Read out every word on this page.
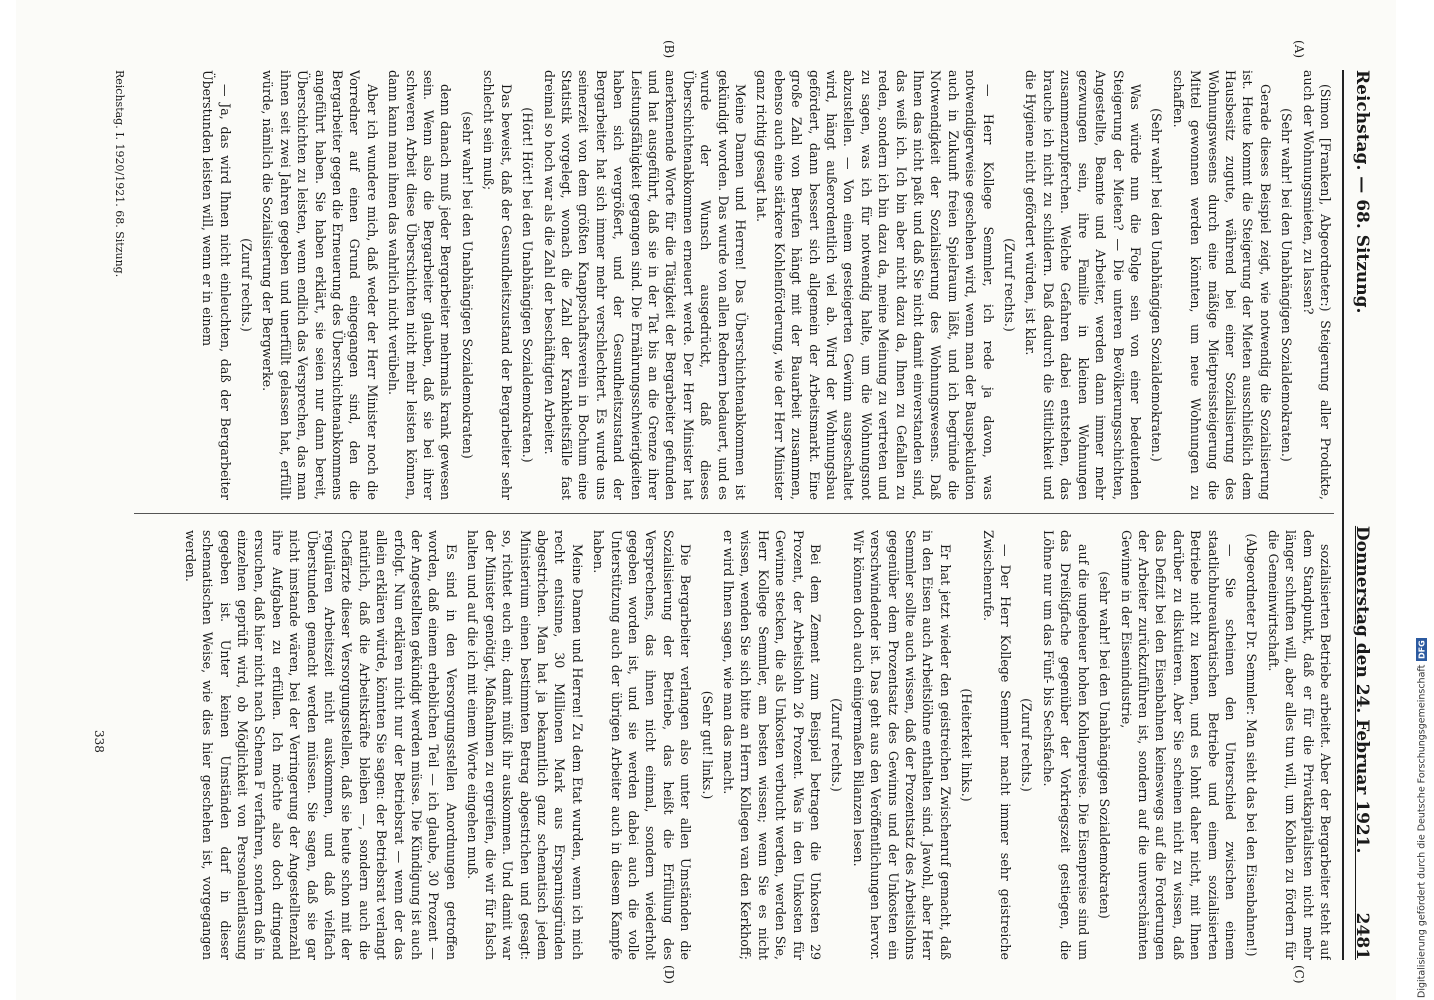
Reichstag. — 68. Sitzung.
Donnerstag den 24. Februar 1921.          2481
(A)
(B)
(C)
(D)

(Simon [Franken], Abgeordneter:) Steigerung aller Produkte, auch der Wohnungsmieten, zu lassen?

(Sehr wahr! bei den Unabhängigen Sozialdemokraten.)

Gerade dieses Beispiel zeigt, wie notwendig die Sozialisierung ist. Heute kommt die Steigerung der Mieten ausschließlich dem Hausbesitz zugute, während bei einer Sozialisierung des Wohnungswesens durch eine mäßige Mietpreissteigerung die Mittel gewonnen werden könnten, um neue Wohnungen zu schaffen.

(Sehr wahr! bei den Unabhängigen Sozialdemokraten.)

Was würde nun die Folge sein von einer bedeutenden Steigerung der Mieten? — Die unteren Bevölkerungsschichten, Angestellte, Beamte und Arbeiter, werden dann immer mehr gezwungen sein, ihre Familie in kleinen Wohnungen zusammenzupferchen. Welche Gefahren dabei entstehen, das brauche ich nicht zu schildern. Daß dadurch die Sittlichkeit und die Hygiene nicht gefördert würden, ist klar.

(Zuruf rechts.)

— Herr Kollege Semmler, ich rede ja davon, was notwendigerweise geschehen wird, wenn man der Bauspekulation auch in Zukunft freien Spielraum läßt, und ich begründe die Notwendigkeit der Sozialisierung des Wohnungswesens. Daß Ihnen das nicht paßt und daß Sie nicht damit einverstanden sind, das weiß ich. Ich bin aber nicht dazu da, Ihnen zu Gefallen zu reden, sondern ich bin dazu da, meine Meinung zu vertreten und zu sagen, was ich für notwendig halte, um die Wohnungsnot abzustellen. — Von einem gesteigerten Gewinn ausgeschaltet wird, hängt außerordentlich viel ab. Wird der Wohnungsbau gefördert, dann bessert sich allgemein der Arbeitsmarkt. Eine große Zahl von Berufen hängt mit der Bauarbeit zusammen, ebenso auch eine stärkere Kohlenförderung, wie der Herr Minister ganz richtig gesagt hat.

Meine Damen und Herren! Das Überschichtenabkommen ist gekündigt worden. Das wurde von allen Rednern bedauert, und es wurde der Wunsch ausgedrückt, daß dieses Überschichtenabkommen erneuert werde. Der Herr Minister hat anerkennende Worte für die Tätigkeit der Bergarbeiter gefunden und hat ausgeführt, daß sie in der Tat bis an die Grenze ihrer Leistungsfähigkeit gegangen sind. Die Ernährungsschwierigkeiten haben sich vergrößert, und der Gesundheitszustand der Bergarbeiter hat sich immer mehr verschlechtert. Es wurde uns seinerzeit von dem größten Knappschaftsverein in Bochum eine Statistik vorgelegt, wonach die Zahl der Krankheitsfälle fast dreimal so hoch war als die Zahl der beschäftigten Arbeiter.

(Hört! Hört! bei den Unabhängigen Sozialdemokraten.)

Das beweist, daß der Gesundheitszustand der Bergarbeiter sehr schlecht sein muß;

(sehr wahr! bei den Unabhängigen Sozialdemokraten)

denn danach muß jeder Bergarbeiter mehrmals krank gewesen sein. Wenn also die Bergarbeiter glauben, daß sie bei ihrer schweren Arbeit diese Überschichten nicht mehr leisten können, dann kann man ihnen das wahrlich nicht verübeln.

Aber ich wundere mich, daß weder der Herr Minister noch die Vorredner auf einen Grund eingegangen sind, den die Bergarbeiter gegen die Erneuerung des Überschichtenabkommens angeführt haben. Sie haben erklärt, sie seien nur dann bereit, Überschichten zu leisten, wenn endlich das Versprechen, das man ihnen seit zwei Jahren gegeben und unerfüllt gelassen hat, erfüllt würde, nämlich die Sozialisierung der Bergwerke.

(Zuruf rechts.)

— Ja, das wird Ihnen nicht einleuchten, daß der Bergarbeiter Überstunden leisten will, wenn er in einem

sozialisierten Betriebe arbeitet. Aber der Bergarbeiter steht auf dem Standpunkt, daß er für die Privatkapitalisten nicht mehr länger schuften will, aber alles tun will, um Kohlen zu fördern für die Gemeinwirtschaft.

(Abgeordneter Dr. Semmler: Man sieht das bei den Eisenbahnen!)

— Sie scheinen den Unterschied zwischen einem staatlichbureaukratischen Betriebe und einem sozialisierten Betriebe nicht zu kennen, und es lohnt daher nicht, mit Ihnen darüber zu diskutieren. Aber Sie scheinen nicht zu wissen, daß das Defizit bei den Eisenbahnen keineswegs auf die Forderungen der Arbeiter zurückzuführen ist, sondern auf die unverschämten Gewinne in der Eisenindustrie,

(sehr wahr! bei den Unabhängigen Sozialdemokraten)

auf die ungeheuer hohen Kohlenpreise. Die Eisenpreise sind um das Dreißigfache gegenüber der Vorkriegszeit gestiegen, die Löhne nur um das Fünf- bis Sechsfache.

(Zuruf rechts.)

— Der Herr Kollege Semmler macht immer sehr geistreiche Zwischenrufe.

(Heiterkeit links.)

Er hat jetzt wieder den geistreichen Zwischenruf gemacht, daß in den Eisen auch Arbeitslöhne enthalten sind. Jawohl, aber Herr Semmler sollte auch wissen, daß der Prozentsatz des Arbeitslohns gegenüber dem Prozentsatz des Gewinns und der Unkosten ein verschwindender ist. Das geht aus den Veröffentlichungen hervor. Wir können doch auch einigermaßen Bilanzen lesen.

(Zuruf rechts.)

Bei dem Zement zum Beispiel betragen die Unkosten 29 Prozent, der Arbeitslohn 26 Prozent. Was in den Unkosten für Gewinne stecken, die als Unkosten verbucht werden, werden Sie, Herr Kollege Semmler, am besten wissen; wenn Sie es nicht wissen, wenden Sie sich bitte an Herrn Kollegen van den Kerkhoff; er wird Ihnen sagen, wie man das macht.

(Sehr gut! links.)

Die Bergarbeiter verlangen also unter allen Umständen die Sozialisierung der Betriebe, das heißt die Erfüllung des Versprechens, das ihnen nicht einmal, sondern wiederholt gegeben worden ist, und sie werden dabei auch die volle Unterstützung auch der übrigen Arbeiter auch in diesem Kampfe haben.

Meine Damen und Herren! Zu dem Etat wurden, wenn ich mich recht entsinne, 30 Millionen Mark aus Ersparnisgründen abgestrichen. Man hat ja bekanntlich ganz schematisch jedem Ministerium einen bestimmten Betrag abgestrichen und gesagt: so, richtet euch ein; damit müßt ihr auskommen. Und damit war der Minister genötigt, Maßnahmen zu ergreifen, die wir für falsch halten und auf die ich mit einem Worte eingehen muß.

Es sind in den Versorgungsstellen Anordnungen getroffen worden, daß einem erheblichen Teil — ich glaube, 30 Prozent — der Angestellten gekündigt werden müsse. Die Kündigung ist auch erfolgt. Nun erklären nicht nur der Betriebsrat — wenn der das allein erklären würde, könnten Sie sagen: der Betriebsrat verlangt natürlich, daß die Arbeitskräfte bleiben —, sondern auch die Chefärzte dieser Versorgungsstellen, daß sie heute schon mit der regulären Arbeitszeit nicht auskommen, und daß vielfach Überstunden gemacht werden müssen. Sie sagen, daß sie gar nicht imstande wären, bei der Verringerung der Angestelltenzahl ihre Aufgaben zu erfüllen. Ich möchte also doch dringend ersuchen, daß hier nicht nach Schema F verfahren, sondern daß in einzelnen geprüft wird, ob Möglichkeit von Personalentlassung gegeben ist. Unter keinen Umständen darf in dieser schematischen Weise, wie dies hier geschehen ist, vorgegangen werden.

Reichstag. I. 1920/1921. 68. Sitzung.
338	Digitalisierung gefördert durch die Deutsche Forschungsgemeinschaft
DFG
